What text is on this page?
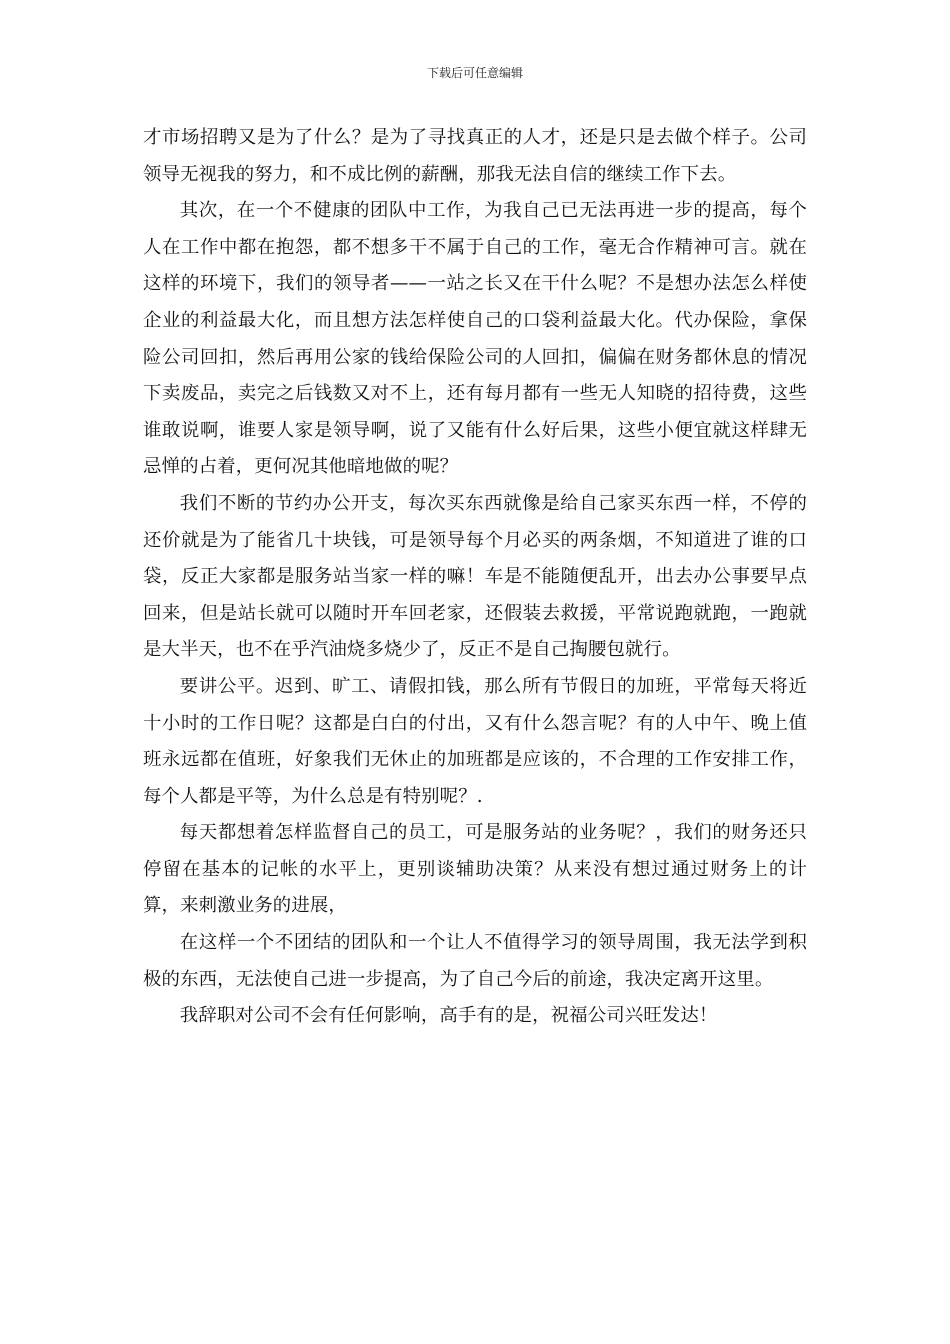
下载后可任意编辑

才市场招聘又是为了什么？是为了寻找真正的人才，还是只是去做个样子。公司领导无视我的努力，和不成比例的薪酬，那我无法自信的继续工作下去。

其次，在一个不健康的团队中工作，为我自己已无法再进一步的提高，每个人在工作中都在抱怨，都不想多干不属于自己的工作，毫无合作精神可言。就在这样的环境下，我们的领导者——一站之长又在干什么呢？不是想办法怎么样使企业的利益最大化，而且想方法怎样使自己的口袋利益最大化。代办保险，拿保险公司回扣，然后再用公家的钱给保险公司的人回扣，偏偏在财务都休息的情况下卖废品，卖完之后钱数又对不上，还有每月都有一些无人知晓的招待费，这些谁敢说啊，谁要人家是领导啊，说了又能有什么好后果，这些小便宜就这样肆无忌惮的占着，更何况其他暗地做的呢？

我们不断的节约办公开支，每次买东西就像是给自己家买东西一样，不停的还价就是为了能省几十块钱，可是领导每个月必买的两条烟，不知道进了谁的口袋，反正大家都是服务站当家一样的嘛！车是不能随便乱开，出去办公事要早点回来，但是站长就可以随时开车回老家，还假装去救援，平常说跑就跑，一跑就是大半天，也不在乎汽油烧多烧少了，反正不是自己掏腰包就行。

要讲公平。迟到、旷工、请假扣钱，那么所有节假日的加班，平常每天将近十小时的工作日呢？这都是白白的付出，又有什么怨言呢？有的人中午、晚上值班永远都在值班，好象我们无休止的加班都是应该的，不合理的工作安排工作，每个人都是平等，为什么总是有特别呢？.

每天都想着怎样监督自己的员工，可是服务站的业务呢？，我们的财务还只停留在基本的记帐的水平上，更别谈辅助决策？从来没有想过通过财务上的计算，来刺激业务的进展，

在这样一个不团结的团队和一个让人不值得学习的领导周围，我无法学到积极的东西，无法使自己进一步提高，为了自己今后的前途，我决定离开这里。

我辞职对公司不会有任何影响，高手有的是，祝福公司兴旺发达！
